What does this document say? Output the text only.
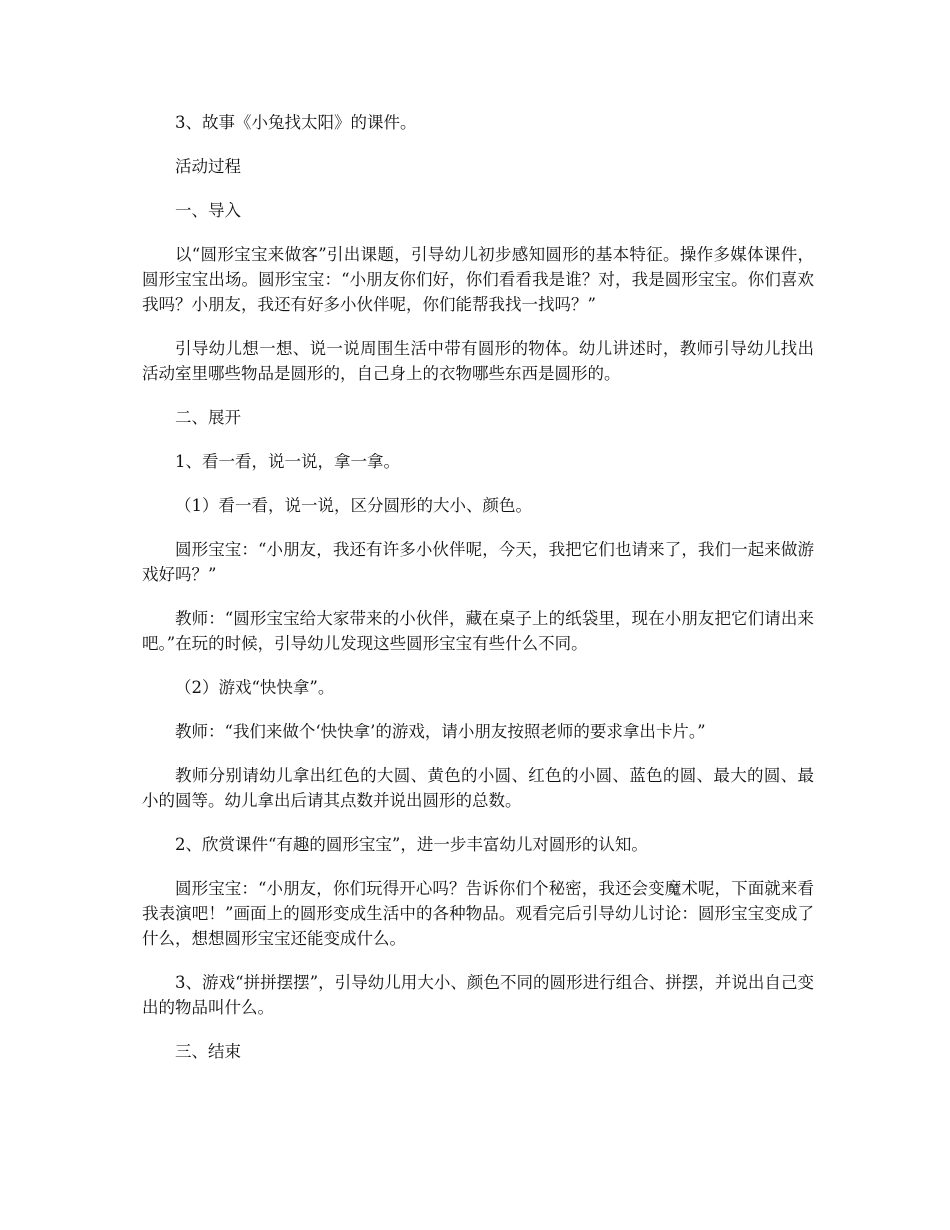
3、故事《小兔找太阳》的课件。

活动过程

一、导入

以“圆形宝宝来做客”引出课题，引导幼儿初步感知圆形的基本特征。操作多媒体课件，圆形宝宝出场。圆形宝宝：“小朋友你们好，你们看看我是谁？对，我是圆形宝宝。你们喜欢我吗？小朋友，我还有好多小伙伴呢，你们能帮我找一找吗？”

引导幼儿想一想、说一说周围生活中带有圆形的物体。幼儿讲述时，教师引导幼儿找出活动室里哪些物品是圆形的，自己身上的衣物哪些东西是圆形的。

二、展开

1、看一看，说一说，拿一拿。

（1）看一看，说一说，区分圆形的大小、颜色。

圆形宝宝：“小朋友，我还有许多小伙伴呢，今天，我把它们也请来了，我们一起来做游戏好吗？”

教师：“圆形宝宝给大家带来的小伙伴，藏在桌子上的纸袋里，现在小朋友把它们请出来吧。”在玩的时候，引导幼儿发现这些圆形宝宝有些什么不同。

（2）游戏“快快拿”。

教师：“我们来做个‘快快拿’的游戏，请小朋友按照老师的要求拿出卡片。”

教师分别请幼儿拿出红色的大圆、黄色的小圆、红色的小圆、蓝色的圆、最大的圆、最小的圆等。幼儿拿出后请其点数并说出圆形的总数。

2、欣赏课件“有趣的圆形宝宝”，进一步丰富幼儿对圆形的认知。

圆形宝宝：“小朋友，你们玩得开心吗？告诉你们个秘密，我还会变魔术呢，下面就来看我表演吧！”画面上的圆形变成生活中的各种物品。观看完后引导幼儿讨论：圆形宝宝变成了什么，想想圆形宝宝还能变成什么。

3、游戏“拼拼摆摆”，引导幼儿用大小、颜色不同的圆形进行组合、拼摆，并说出自己变出的物品叫什么。

三、结束
